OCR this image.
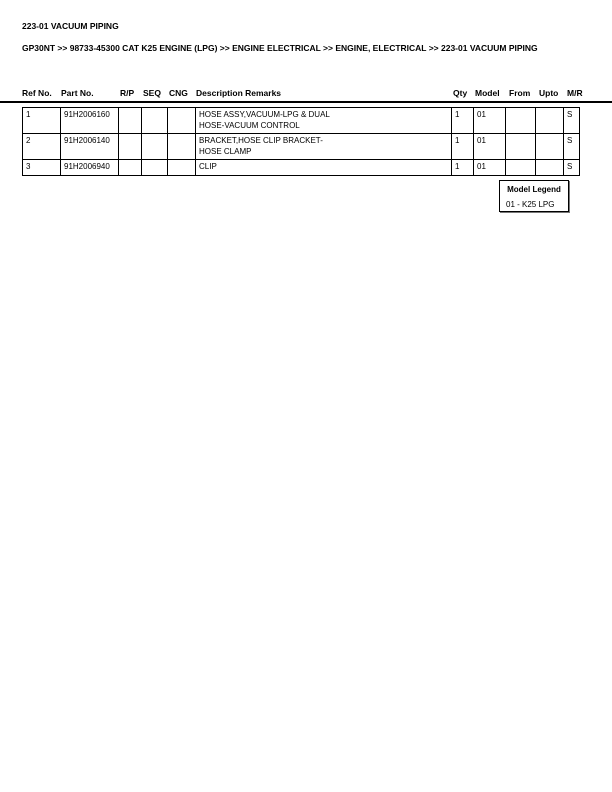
223-01 VACUUM PIPING
GP30NT >> 98733-45300 CAT K25 ENGINE (LPG) >> ENGINE ELECTRICAL >> ENGINE, ELECTRICAL >> 223-01 VACUUM PIPING
Ref No. Part No.	R/P SEQ CNG Description Remarks	Qty Model From Upto M/R
1	91H2006160				HOSE ASSY,VACUUM-LPG & DUAL
HOSE-VACUUM CONTROL	1	01			S
2	91H2006140				BRACKET,HOSE CLIP BRACKET-
HOSE CLAMP	1	01			S
3	91H2006940				CLIP	1	01			S
Model Legend
01 - K25 LPG
